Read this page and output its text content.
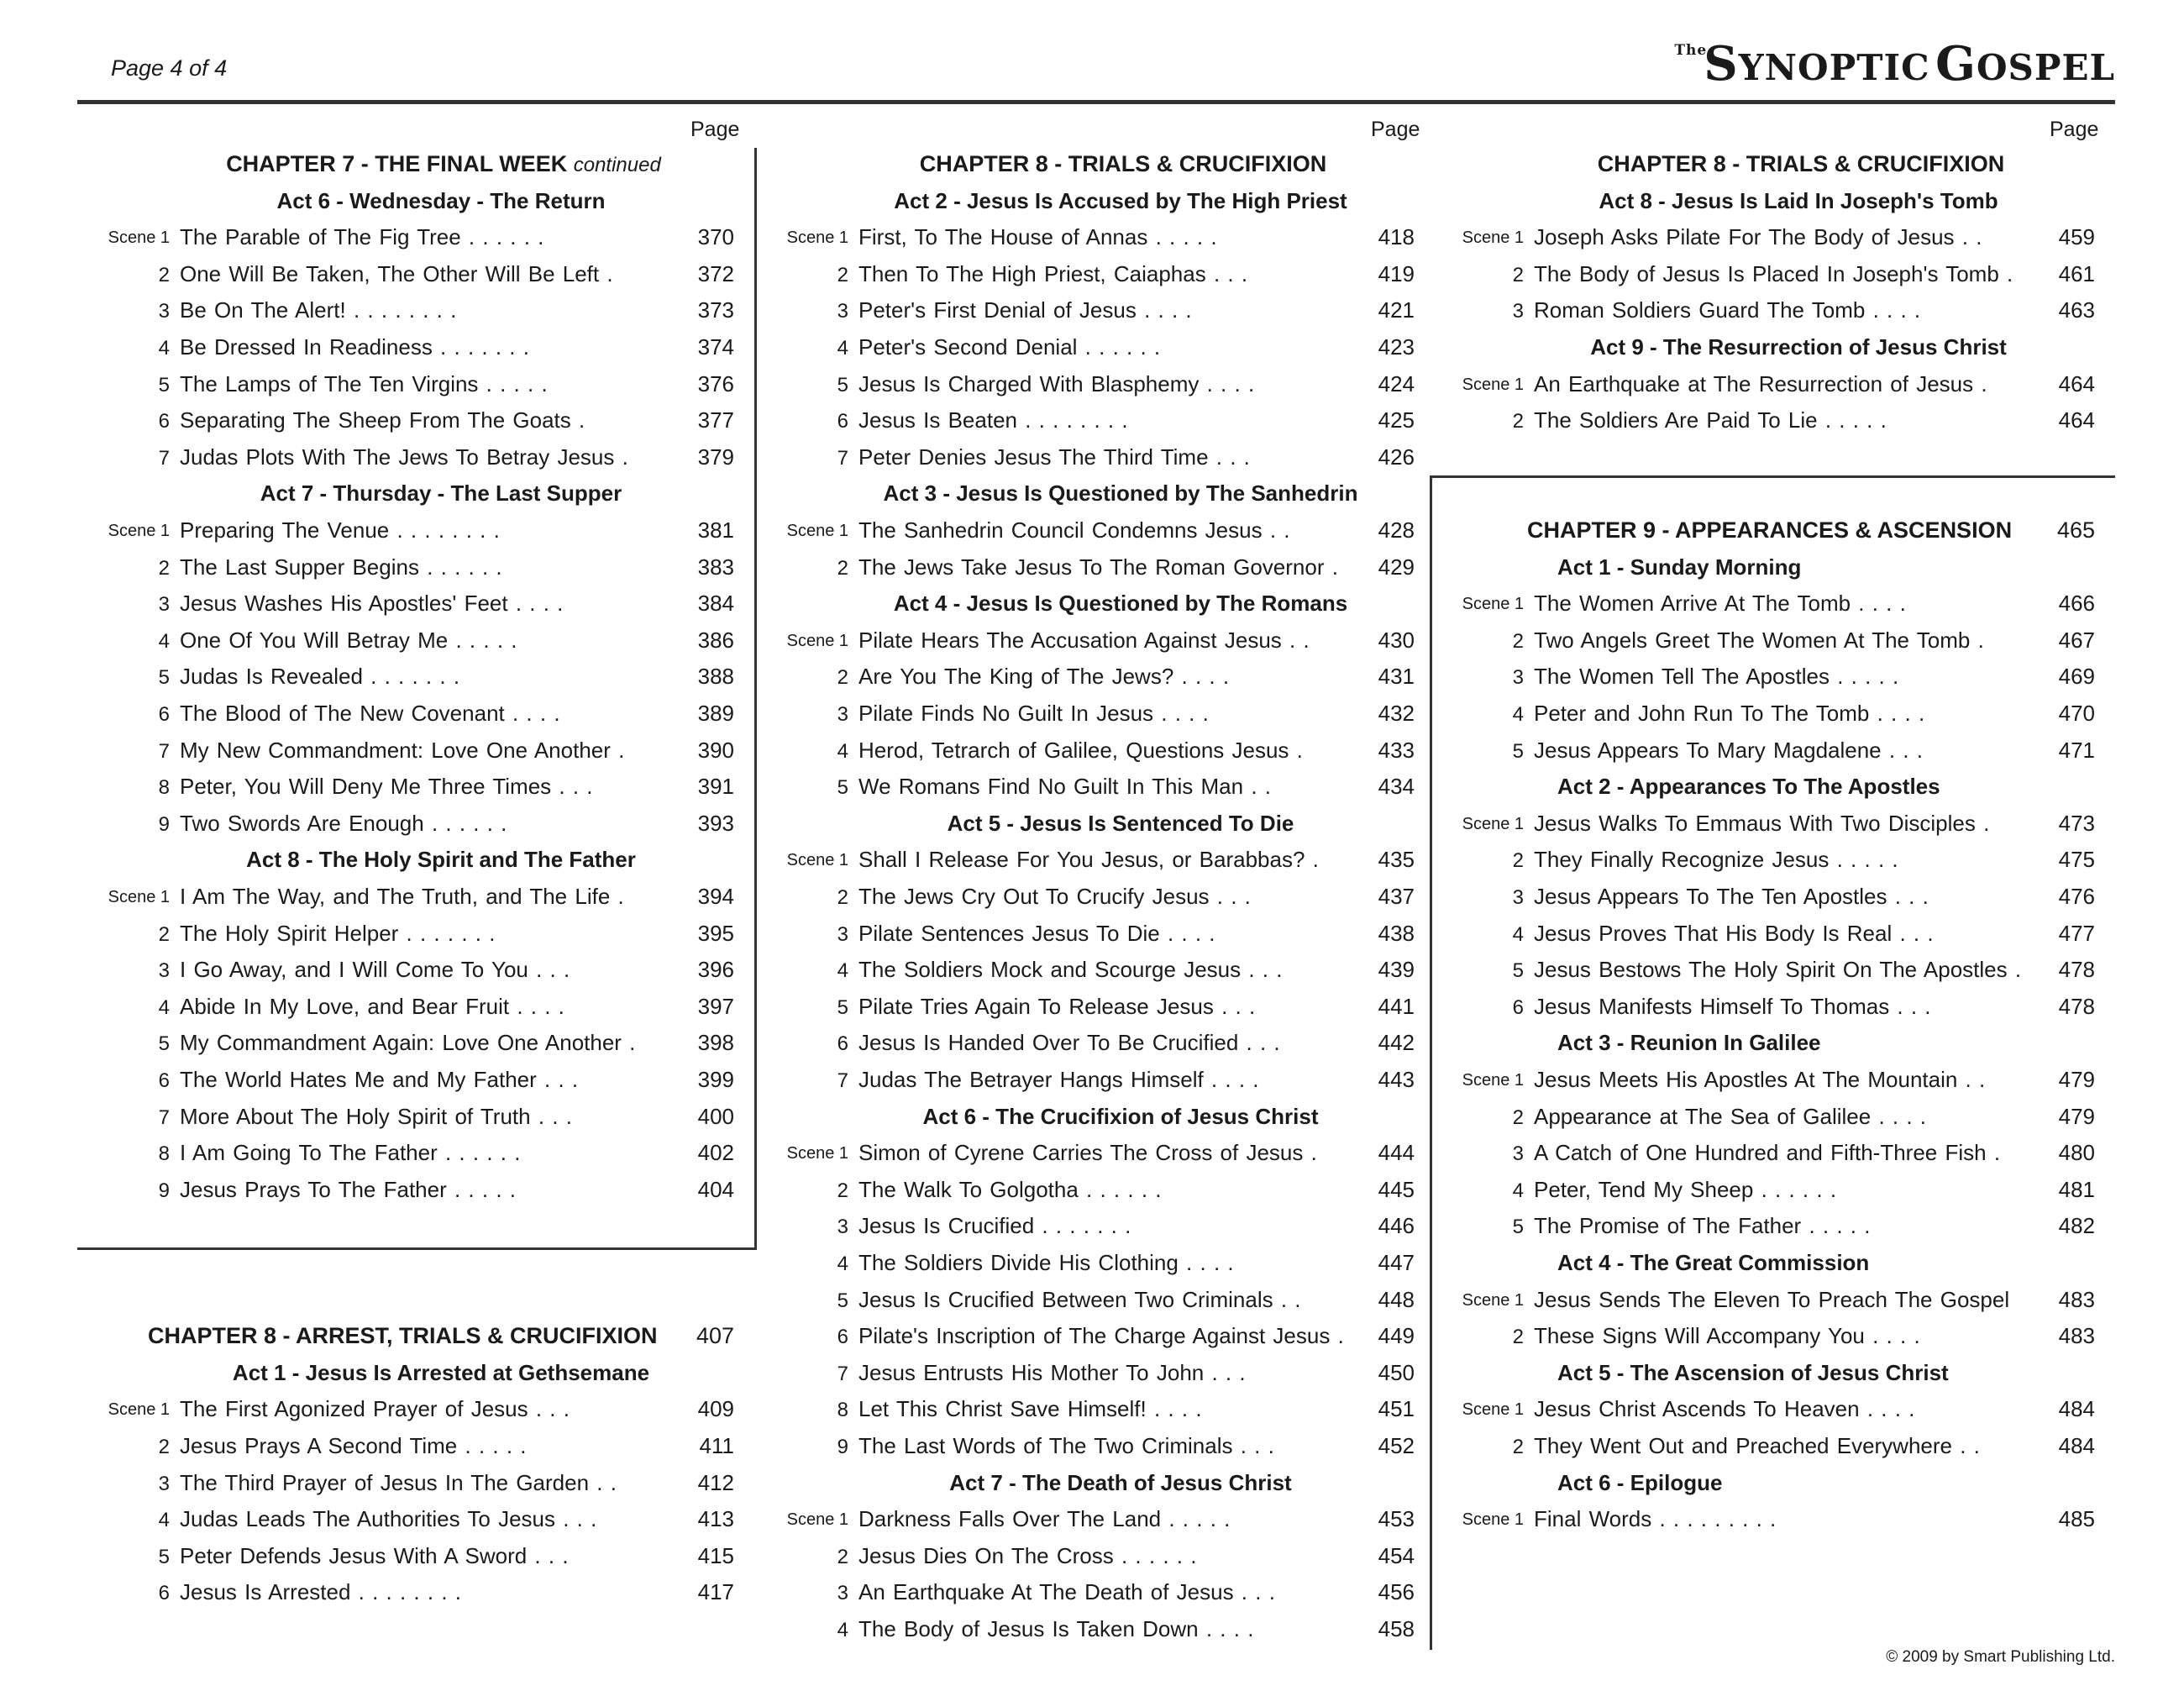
Page 4 of 4
TheSYNOPTIC GOSPEL
Page	Page	Page
CHAPTER 7 - THE FINAL WEEK continued
Act 6 - Wednesday - The Return
Scene 1 The Parable of The Fig Tree . . . . . .	370
2 One Will Be Taken, The Other Will Be Left .	372
3 Be On The Alert! . . . . . . . .	373
4 Be Dressed In Readiness . . . . . . .	374
5 The Lamps of The Ten Virgins . . . . .	376
6 Separating The Sheep From The Goats .	377
7 Judas Plots With The Jews To Betray Jesus .	379
Act 7 - Thursday - The Last Supper
Scene 1 Preparing The Venue . . . . . . . .	381
2 The Last Supper Begins . . . . . .	383
3 Jesus Washes His Apostles' Feet . . . .	384
4 One Of You Will Betray Me . . . . .	386
5 Judas Is Revealed . . . . . . .	388
6 The Blood of The New Covenant . . . .	389
7 My New Commandment: Love One Another .	390
8 Peter, You Will Deny Me Three Times . . .	391
9 Two Swords Are Enough . . . . . .	393
Act 8 - The Holy Spirit and The Father
Scene 1 I Am The Way, and The Truth, and The Life .	394
2 The Holy Spirit Helper . . . . . . .	395
3 I Go Away, and I Will Come To You . . .	396
4 Abide In My Love, and Bear Fruit . . . .	397
5 My Commandment Again: Love One Another .	398
6 The World Hates Me and My Father . . .	399
7 More About The Holy Spirit of Truth . . .	400
8 I Am Going To The Father . . . . . .	402
9 Jesus Prays To The Father . . . . .	404
CHAPTER 8 - ARREST, TRIALS & CRUCIFIXION	407
Act 1 - Jesus Is Arrested at Gethsemane
Scene 1 The First Agonized Prayer of Jesus . . .	409
2 Jesus Prays A Second Time . . . . .	411
3 The Third Prayer of Jesus In The Garden . .	412
4 Judas Leads The Authorities To Jesus . . .	413
5 Peter Defends Jesus With A Sword . . .	415
6 Jesus Is Arrested . . . . . . . .	417
CHAPTER 8 - TRIALS & CRUCIFIXION
Act 2 - Jesus Is Accused by The High Priest
Scene 1 First, To The House of Annas . . . . .	418
2 Then To The High Priest, Caiaphas . . .	419
3 Peter's First Denial of Jesus . . . .	421
4 Peter's Second Denial . . . . . .	423
5 Jesus Is Charged With Blasphemy . . . .	424
6 Jesus Is Beaten . . . . . . . .	425
7 Peter Denies Jesus The Third Time . . .	426
Act 3 - Jesus Is Questioned by The Sanhedrin
Scene 1 The Sanhedrin Council Condemns Jesus . .	428
2 The Jews Take Jesus To The Roman Governor .	429
Act 4 - Jesus Is Questioned by The Romans
Scene 1 Pilate Hears The Accusation Against Jesus . .	430
2 Are You The King of The Jews? . . . .	431
3 Pilate Finds No Guilt In Jesus . . . .	432
4 Herod, Tetrarch of Galilee, Questions Jesus .	433
5 We Romans Find No Guilt In This Man . .	434
Act 5 - Jesus Is Sentenced To Die
Scene 1 Shall I Release For You Jesus, or Barabbas? .	435
2 The Jews Cry Out To Crucify Jesus . . .	437
3 Pilate Sentences Jesus To Die . . . .	438
4 The Soldiers Mock and Scourge Jesus . . .	439
5 Pilate Tries Again To Release Jesus . . .	441
6 Jesus Is Handed Over To Be Crucified . . .	442
7 Judas The Betrayer Hangs Himself . . . .	443
Act 6 - The Crucifixion of Jesus Christ
Scene 1 Simon of Cyrene Carries The Cross of Jesus .	444
2 The Walk To Golgotha . . . . . .	445
3 Jesus Is Crucified . . . . . . .	446
4 The Soldiers Divide His Clothing . . . .	447
5 Jesus Is Crucified Between Two Criminals . .	448
6 Pilate's Inscription of The Charge Against Jesus .	449
7 Jesus Entrusts His Mother To John . . .	450
8 Let This Christ Save Himself! . . . .	451
9 The Last Words of The Two Criminals . . .	452
Act 7 - The Death of Jesus Christ
Scene 1 Darkness Falls Over The Land . . . . .	453
2 Jesus Dies On The Cross . . . . . .	454
3 An Earthquake At The Death of Jesus . . .	456
4 The Body of Jesus Is Taken Down . . . .	458
CHAPTER 8 - TRIALS & CRUCIFIXION
Act 8 - Jesus Is Laid In Joseph's Tomb
Scene 1 Joseph Asks Pilate For The Body of Jesus . .	459
2 The Body of Jesus Is Placed In Joseph's Tomb .	461
3 Roman Soldiers Guard The Tomb . . . .	463
Act 9 - The Resurrection of Jesus Christ
Scene 1 An Earthquake at The Resurrection of Jesus .	464
2 The Soldiers Are Paid To Lie . . . . .	464
CHAPTER 9 - APPEARANCES & ASCENSION	465
Act 1 - Sunday Morning
Scene 1 The Women Arrive At The Tomb . . . .	466
2 Two Angels Greet The Women At The Tomb .	467
3 The Women Tell The Apostles . . . . .	469
4 Peter and John Run To The Tomb . . . .	470
5 Jesus Appears To Mary Magdalene . . .	471
Act 2 - Appearances To The Apostles
Scene 1 Jesus Walks To Emmaus With Two Disciples .	473
2 They Finally Recognize Jesus . . . . .	475
3 Jesus Appears To The Ten Apostles . . .	476
4 Jesus Proves That His Body Is Real . . .	477
5 Jesus Bestows The Holy Spirit On The Apostles .	478
6 Jesus Manifests Himself To Thomas . . .	478
Act 3 - Reunion In Galilee
Scene 1 Jesus Meets His Apostles At The Mountain . .	479
2 Appearance at The Sea of Galilee . . . .	479
3 A Catch of One Hundred and Fifth-Three Fish .	480
4 Peter, Tend My Sheep . . . . . .	481
5 The Promise of The Father . . . . .	482
Act 4 - The Great Commission
Scene 1 Jesus Sends The Eleven To Preach The Gospel	483
2 These Signs Will Accompany You . . . .	483
Act 5 - The Ascension of Jesus Christ
Scene 1 Jesus Christ Ascends To Heaven . . . .	484
2 They Went Out and Preached Everywhere . .	484
Act 6 - Epilogue
Scene 1 Final Words . . . . . . . . .	485
© 2009 by Smart Publishing Ltd.
